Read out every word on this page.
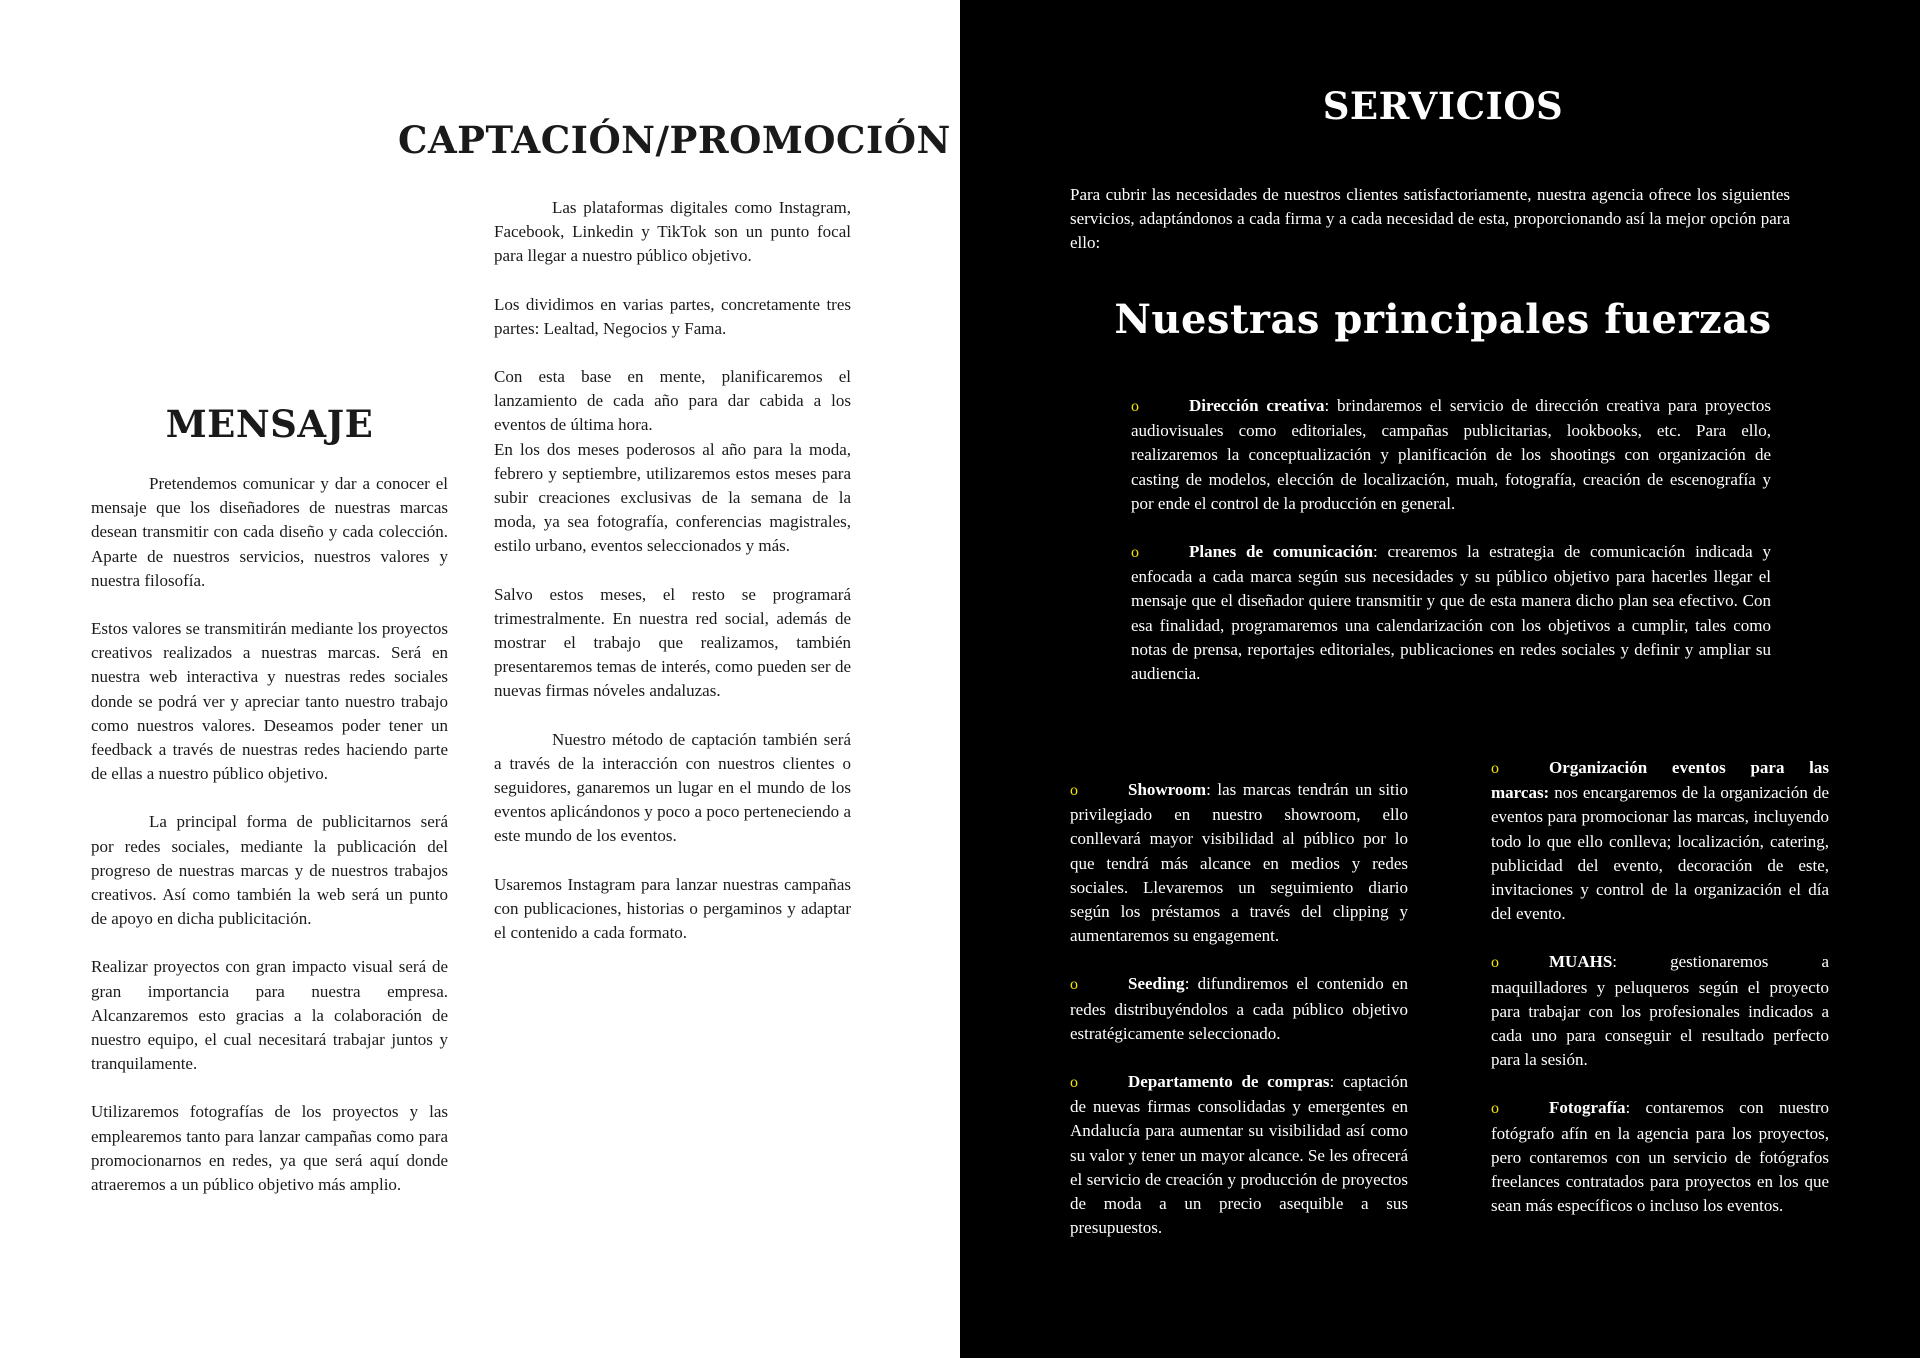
CAPTACIÓN/PROMOCIÓN

Las plataformas digitales como Instagram, Facebook, Linkedin y TikTok son un punto focal para llegar a nuestro público objetivo.

Los dividimos en varias partes, concretamente tres partes: Lealtad, Negocios y Fama.

Con esta base en mente, planificaremos el lanzamiento de cada año para dar cabida a los eventos de última hora.

En los dos meses poderosos al año para la moda, febrero y septiembre, utilizaremos estos meses para subir creaciones exclusivas de la semana de la moda, ya sea fotografía, conferencias magistrales, estilo urbano, eventos seleccionados y más.

Salvo estos meses, el resto se programará trimestralmente. En nuestra red social, además de mostrar el trabajo que realizamos, también presentaremos temas de interés, como pueden ser de nuevas firmas nóveles andaluzas.

Nuestro método de captación también será a través de la interacción con nuestros clientes o seguidores, ganaremos un lugar en el mundo de los eventos aplicándonos y poco a poco perteneciendo a este mundo de los eventos.

Usaremos Instagram para lanzar nuestras campañas con publicaciones, historias o pergaminos y adaptar el contenido a cada formato.

MENSAJE

Pretendemos comunicar y dar a conocer el mensaje que los diseñadores de nuestras marcas desean transmitir con cada diseño y cada colección. Aparte de nuestros servicios, nuestros valores y nuestra filosofía.

Estos valores se transmitirán mediante los proyectos creativos realizados a nuestras marcas. Será en nuestra web interactiva y nuestras redes sociales donde se podrá ver y apreciar tanto nuestro trabajo como nuestros valores. Deseamos poder tener un feedback a través de nuestras redes haciendo parte de ellas a nuestro público objetivo.

La principal forma de publicitarnos será por redes sociales, mediante la publicación del progreso de nuestras marcas y de nuestros trabajos creativos. Así como también la web será un punto de apoyo en dicha publicitación.

Realizar proyectos con gran impacto visual será de gran importancia para nuestra empresa. Alcanzaremos esto gracias a la colaboración de nuestro equipo, el cual necesitará trabajar juntos y tranquilamente.

Utilizaremos fotografías de los proyectos y las emplearemos tanto para lanzar campañas como para promocionarnos en redes, ya que será aquí donde atraeremos a un público objetivo más amplio.

SERVICIOS

Para cubrir las necesidades de nuestros clientes satisfactoriamente, nuestra agencia ofrece los siguientes servicios, adaptándonos a cada firma y a cada necesidad de esta, proporcionando así la mejor opción para ello:

Nuestras principales fuerzas

o	Dirección creativa: brindaremos el servicio de dirección creativa para proyectos audiovisuales como editoriales, campañas publicitarias, lookbooks, etc. Para ello, realizaremos la conceptualización y planificación de los shootings con organización de casting de modelos, elección de localización, muah, fotografía, creación de escenografía y por ende el control de la producción en general.

o	Planes de comunicación: crearemos la estrategia de comunicación indicada y enfocada a cada marca según sus necesidades y su público objetivo para hacerles llegar el mensaje que el diseñador quiere transmitir y que de esta manera dicho plan sea efectivo. Con esa finalidad, programaremos una calendarización con los objetivos a cumplir, tales como notas de prensa, reportajes editoriales, publicaciones en redes sociales y definir y ampliar su audiencia.

o	Showroom: las marcas tendrán un sitio privilegiado en nuestro showroom, ello conllevará mayor visibilidad al público por lo que tendrá más alcance en medios y redes sociales. Llevaremos un seguimiento diario según los préstamos a través del clipping y aumentaremos su engagement.

o	Seeding: difundiremos el contenido en redes distribuyéndolos a cada público objetivo estratégicamente seleccionado.

o	Departamento de compras: captación de nuevas firmas consolidadas y emergentes en Andalucía para aumentar su visibilidad así como su valor y tener un mayor alcance. Se les ofrecerá el servicio de creación y producción de proyectos de moda a un precio asequible a sus presupuestos.

o	Organización eventos para las marcas: nos encargaremos de la organización de eventos para promocionar las marcas, incluyendo todo lo que ello conlleva; localización, catering, publicidad del evento, decoración de este, invitaciones y control de la organización el día del evento.

o	MUAHS: gestionaremos a maquilladores y peluqueros según el proyecto para trabajar con los profesionales indicados a cada uno para conseguir el resultado perfecto para la sesión.

o	Fotografía: contaremos con nuestro fotógrafo afín en la agencia para los proyectos, pero contaremos con un servicio de fotógrafos freelances contratados para proyectos en los que sean más específicos o incluso los eventos.
